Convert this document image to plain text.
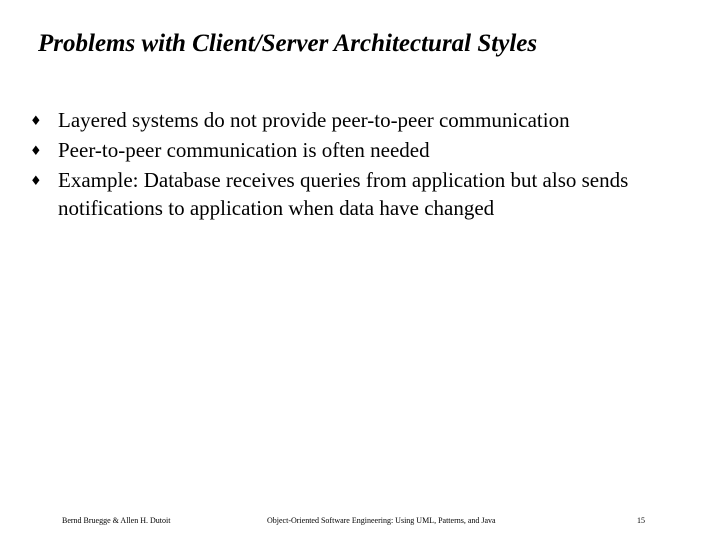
Problems with Client/Server Architectural Styles
♦ Layered systems do not provide peer-to-peer communication
♦ Peer-to-peer communication is often needed
♦ Example: Database receives queries from application but also sends notifications to application when data have changed
Bernd Bruegge & Allen H. Dutoit	Object-Oriented Software Engineering: Using UML, Patterns, and Java	15
